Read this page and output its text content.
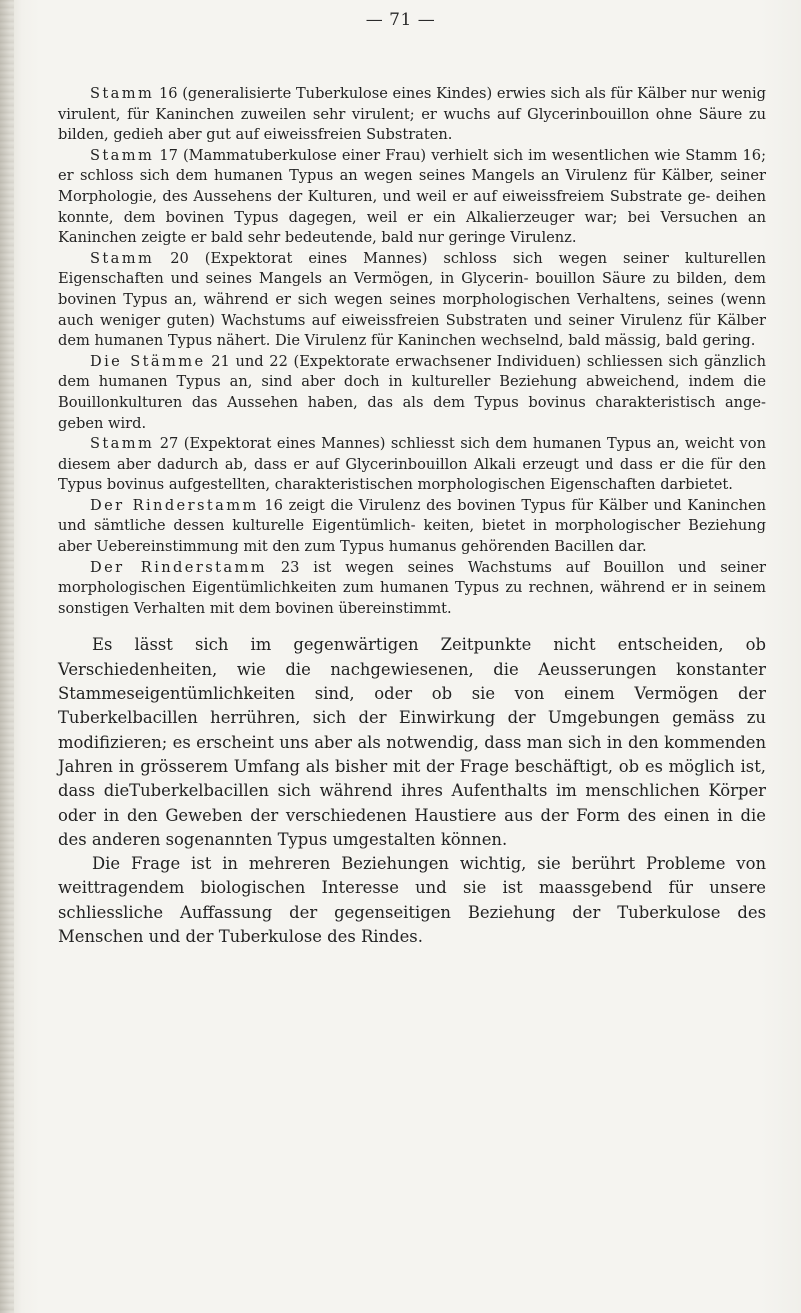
— 71 —

Stamm 16 (generalisierte Tuberkulose eines Kindes) erwies sich als für Kälber nur wenig virulent, für Kaninchen zuweilen sehr virulent; er wuchs auf Glycerinbouillon ohne Säure zu bilden, gedieh aber gut auf eiweissfreien Substraten.

Stamm 17 (Mammatuberkulose einer Frau) verhielt sich im wesentlichen wie Stamm 16; er schloss sich dem humanen Typus an wegen seines Mangels an Virulenz für Kälber, seiner Morphologie, des Aussehens der Kulturen, und weil er auf eiweissfreiem Substrate ge- deihen konnte, dem bovinen Typus dagegen, weil er ein Alkalierzeuger war; bei Versuchen an Kaninchen zeigte er bald sehr bedeutende, bald nur geringe Virulenz.

Stamm 20 (Expektorat eines Mannes) schloss sich wegen seiner kulturellen Eigenschaften und seines Mangels an Vermögen, in Glycerin- bouillon Säure zu bilden, dem bovinen Typus an, während er sich wegen seines morphologischen Verhaltens, seines (wenn auch weniger guten) Wachstums auf eiweissfreien Substraten und seiner Virulenz für Kälber dem humanen Typus nähert. Die Virulenz für Kaninchen wechselnd, bald mässig, bald gering.

Die Stämme 21 und 22 (Expektorate erwachsener Individuen) schliessen sich gänzlich dem humanen Typus an, sind aber doch in kultureller Beziehung abweichend, indem die Bouillonkulturen das Aussehen haben, das als dem Typus bovinus charakteristisch ange- geben wird.

Stamm 27 (Expektorat eines Mannes) schliesst sich dem humanen Typus an, weicht von diesem aber dadurch ab, dass er auf Glycerinbouillon Alkali erzeugt und dass er die für den Typus bovinus aufgestellten, charakteristischen morphologischen Eigenschaften darbietet.

Der Rinderstamm 16 zeigt die Virulenz des bovinen Typus für Kälber und Kaninchen und sämtliche dessen kulturelle Eigentümlich- keiten, bietet in morphologischer Beziehung aber Uebereinstimmung mit den zum Typus humanus gehörenden Bacillen dar.

Der Rinderstamm 23 ist wegen seines Wachstums auf Bouillon und seiner morphologischen Eigentümlichkeiten zum humanen Typus zu rechnen, während er in seinem sonstigen Verhalten mit dem bovinen übereinstimmt.

Es lässt sich im gegenwärtigen Zeitpunkte nicht entscheiden, ob Verschiedenheiten, wie die nachgewiesenen, die Aeusserungen konstanter Stammeseigentümlichkeiten sind, oder ob sie von einem Vermögen der Tuberkelbacillen herrühren, sich der Einwirkung der Umgebungen gemäss zu modifizieren; es erscheint uns aber als notwendig, dass man sich in den kommenden Jahren in grösserem Umfang als bisher mit der Frage beschäftigt, ob es möglich ist, dass dieTuberkelbacillen sich während ihres Aufenthalts im menschlichen Körper oder in den Geweben der verschiedenen Haustiere aus der Form des einen in die des anderen sogenannten Typus umgestalten können.

Die Frage ist in mehreren Beziehungen wichtig, sie berührt Probleme von weittragendem biologischen Interesse und sie ist maassgebend für unsere schliessliche Auffassung der gegenseitigen Beziehung der Tuberkulose des Menschen und der Tuberkulose des Rindes.
